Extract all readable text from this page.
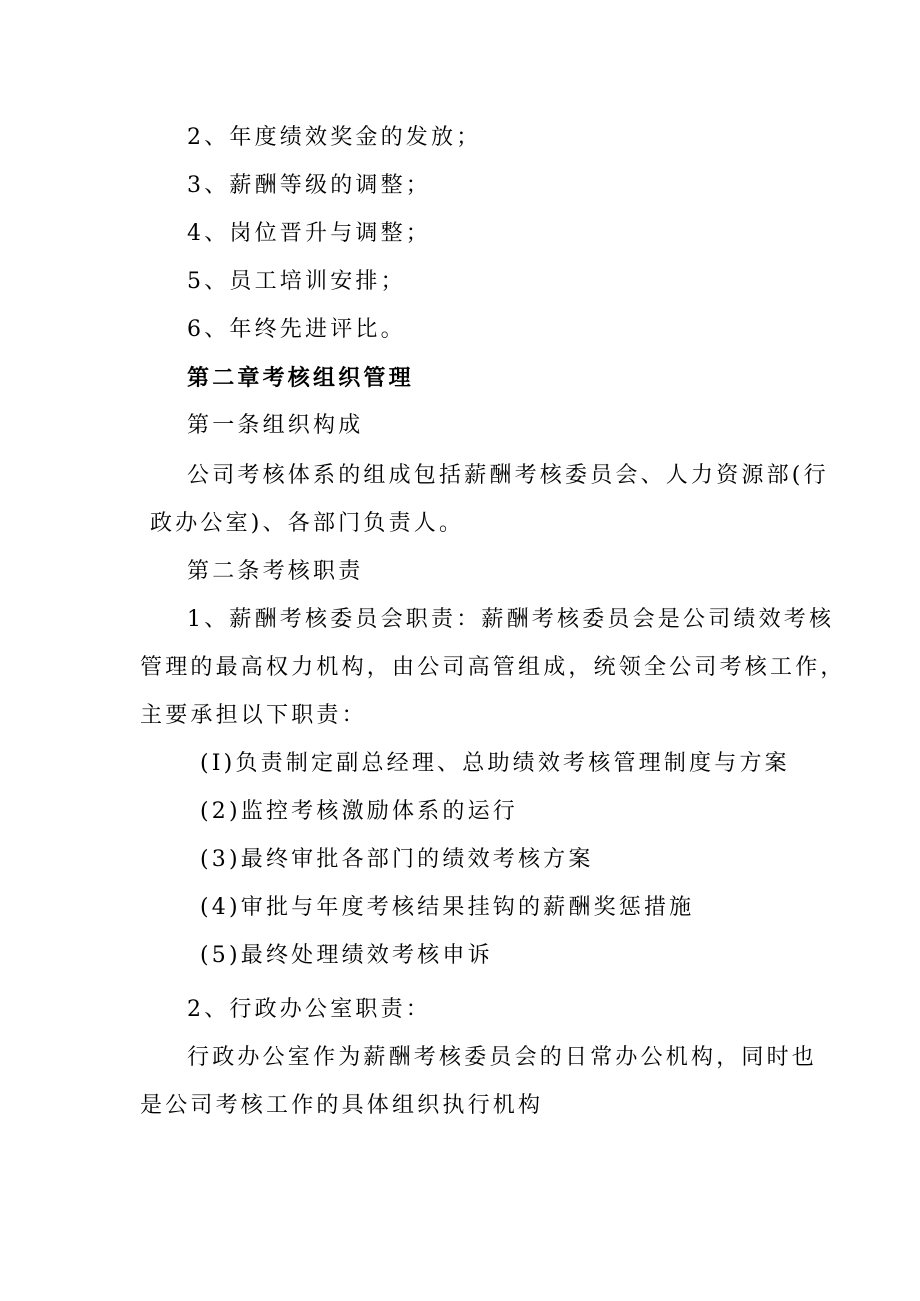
2、年度绩效奖金的发放；
3、薪酬等级的调整；
4、岗位晋升与调整；
5、员工培训安排；
6、年终先进评比。
第二章考核组织管理
第一条组织构成
公司考核体系的组成包括薪酬考核委员会、人力资源部(行
政办公室)、各部门负责人。
第二条考核职责
1、薪酬考核委员会职责：薪酬考核委员会是公司绩效考核
管理的最高权力机构，由公司高管组成，统领全公司考核工作，
主要承担以下职责：
(I)负责制定副总经理、总助绩效考核管理制度与方案
(2)监控考核激励体系的运行
(3)最终审批各部门的绩效考核方案
(4)审批与年度考核结果挂钩的薪酬奖惩措施
(5)最终处理绩效考核申诉
2、行政办公室职责：
行政办公室作为薪酬考核委员会的日常办公机构，同时也
是公司考核工作的具体组织执行机构
